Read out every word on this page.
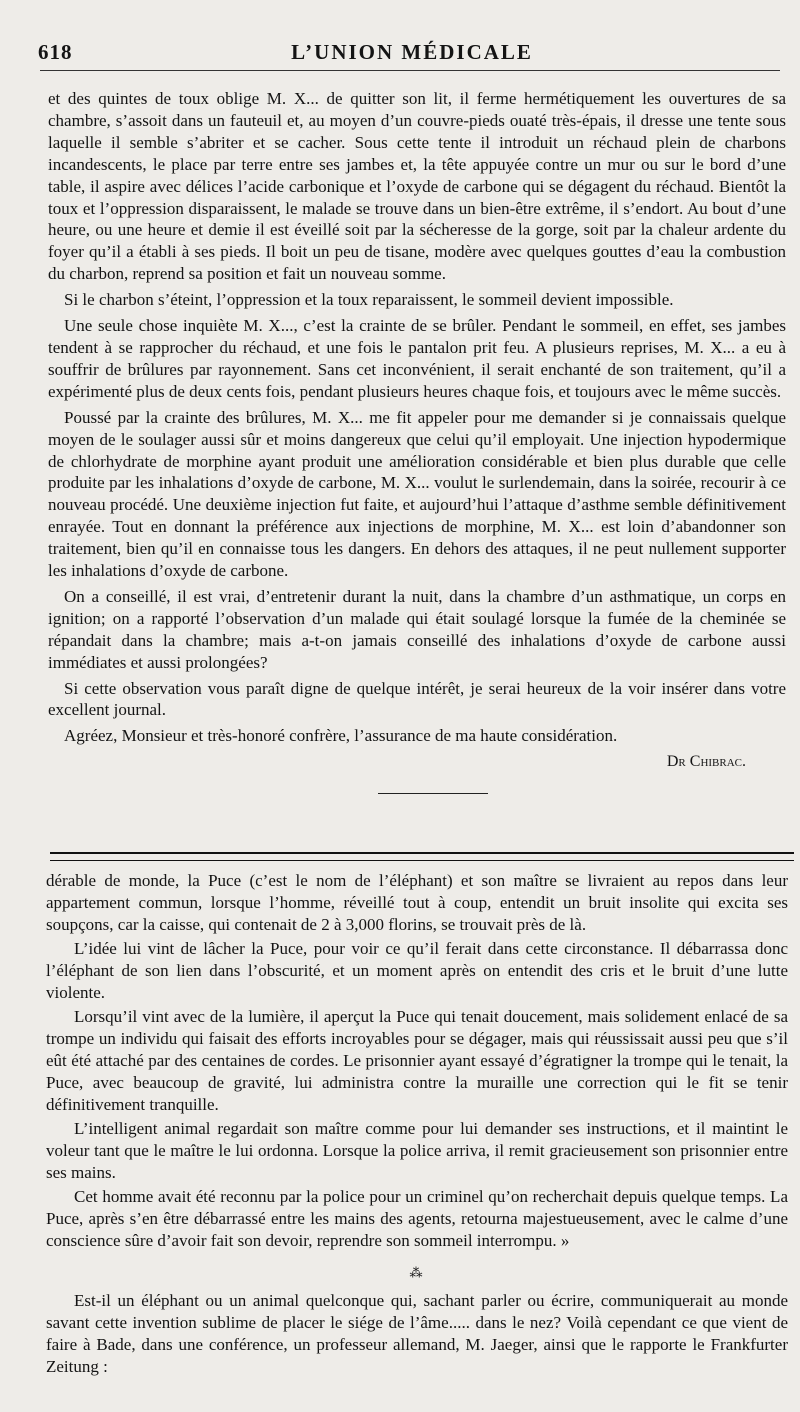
618	L’UNION MÉDICALE

et des quintes de toux oblige M. X... de quitter son lit, il ferme hermétiquement les ouvertures de sa chambre, s’assoit dans un fauteuil et, au moyen d’un couvre-pieds ouaté très-épais, il dresse une tente sous laquelle il semble s’abriter et se cacher. Sous cette tente il introduit un réchaud plein de charbons incandescents, le place par terre entre ses jambes et, la tête appuyée contre un mur ou sur le bord d’une table, il aspire avec délices l’acide carbonique et l’oxyde de carbone qui se dégagent du réchaud. Bientôt la toux et l’oppression disparaissent, le malade se trouve dans un bien-être extrême, il s’endort. Au bout d’une heure, ou une heure et demie il est éveillé soit par la sécheresse de la gorge, soit par la chaleur ardente du foyer qu’il a établi à ses pieds. Il boit un peu de tisane, modère avec quelques gouttes d’eau la combustion du charbon, reprend sa position et fait un nouveau somme.

Si le charbon s’éteint, l’oppression et la toux reparaissent, le sommeil devient impossible.

Une seule chose inquiète M. X..., c’est la crainte de se brûler. Pendant le sommeil, en effet, ses jambes tendent à se rapprocher du réchaud, et une fois le pantalon prit feu. A plusieurs reprises, M. X... a eu à souffrir de brûlures par rayonnement. Sans cet inconvénient, il serait enchanté de son traitement, qu’il a expérimenté plus de deux cents fois, pendant plusieurs heures chaque fois, et toujours avec le même succès.

Poussé par la crainte des brûlures, M. X... me fit appeler pour me demander si je connaissais quelque moyen de le soulager aussi sûr et moins dangereux que celui qu’il employait. Une injection hypodermique de chlorhydrate de morphine ayant produit une amélioration considérable et bien plus durable que celle produite par les inhalations d’oxyde de carbone, M. X... voulut le surlendemain, dans la soirée, recourir à ce nouveau procédé. Une deuxième injection fut faite, et aujourd’hui l’attaque d’asthme semble définitivement enrayée. Tout en donnant la préférence aux injections de morphine, M. X... est loin d’abandonner son traitement, bien qu’il en connaisse tous les dangers. En dehors des attaques, il ne peut nullement supporter les inhalations d’oxyde de carbone.

On a conseillé, il est vrai, d’entretenir durant la nuit, dans la chambre d’un asthmatique, un corps en ignition; on a rapporté l’observation d’un malade qui était soulagé lorsque la fumée de la cheminée se répandait dans la chambre; mais a-t-on jamais conseillé des inhalations d’oxyde de carbone aussi immédiates et aussi prolongées?

Si cette observation vous paraît digne de quelque intérêt, je serai heureux de la voir insérer dans votre excellent journal.

Agréez, Monsieur et très-honoré confrère, l’assurance de ma haute considération.

Dr Chibrac.

dérable de monde, la Puce (c’est le nom de l’éléphant) et son maître se livraient au repos dans leur appartement commun, lorsque l’homme, réveillé tout à coup, entendit un bruit insolite qui excita ses soupçons, car la caisse, qui contenait de 2 à 3,000 florins, se trouvait près de là.

L’idée lui vint de lâcher la Puce, pour voir ce qu’il ferait dans cette circonstance. Il débarrassa donc l’éléphant de son lien dans l’obscurité, et un moment après on entendit des cris et le bruit d’une lutte violente.

Lorsqu’il vint avec de la lumière, il aperçut la Puce qui tenait doucement, mais solidement enlacé de sa trompe un individu qui faisait des efforts incroyables pour se dégager, mais qui réussissait aussi peu que s’il eût été attaché par des centaines de cordes. Le prisonnier ayant essayé d’égratigner la trompe qui le tenait, la Puce, avec beaucoup de gravité, lui administra contre la muraille une correction qui le fit se tenir définitivement tranquille.

L’intelligent animal regardait son maître comme pour lui demander ses instructions, et il maintint le voleur tant que le maître le lui ordonna. Lorsque la police arriva, il remit gracieusement son prisonnier entre ses mains.

Cet homme avait été reconnu par la police pour un criminel qu’on recherchait depuis quelque temps. La Puce, après s’en être débarrassé entre les mains des agents, retourna majestueusement, avec le calme d’une conscience sûre d’avoir fait son devoir, reprendre son sommeil interrompu. »

⁂

Est-il un éléphant ou un animal quelconque qui, sachant parler ou écrire, communiquerait au monde savant cette invention sublime de placer le siége de l’âme..... dans le nez? Voilà cependant ce que vient de faire à Bade, dans une conférence, un professeur allemand, M. Jaeger, ainsi que le rapporte le Frankfurter Zeitung :
